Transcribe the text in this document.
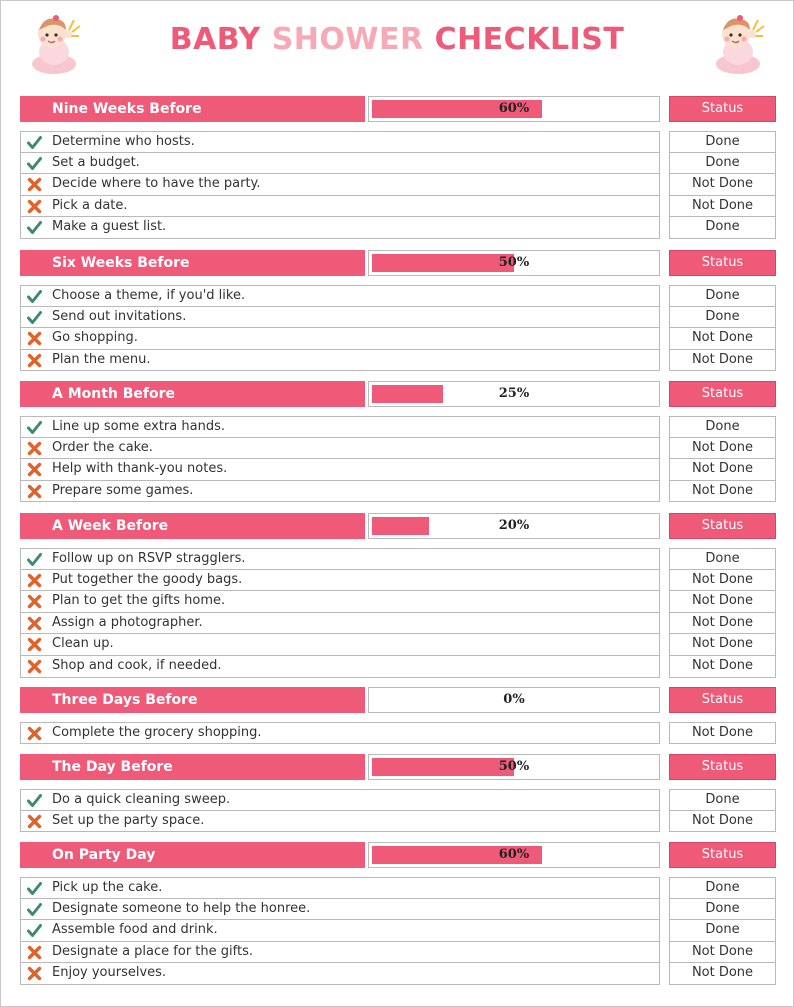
BABY SHOWER CHECKLIST
Nine Weeks Before	60%	Status
Determine who hosts.	Done
Set a budget.	Done
Decide where to have the party.	Not Done
Pick a date.	Not Done
Make a guest list.	Done
Six Weeks Before	50%	Status
Choose a theme, if you'd like.	Done
Send out invitations.	Done
Go shopping.	Not Done
Plan the menu.	Not Done
A Month Before	25%	Status
Line up some extra hands.	Done
Order the cake.	Not Done
Help with thank-you notes.	Not Done
Prepare some games.	Not Done
A Week Before	20%	Status
Follow up on RSVP stragglers.	Done
Put together the goody bags.	Not Done
Plan to get the gifts home.	Not Done
Assign a photographer.	Not Done
Clean up.	Not Done
Shop and cook, if needed.	Not Done
Three Days Before	0%	Status
Complete the grocery shopping.	Not Done
The Day Before	50%	Status
Do a quick cleaning sweep.	Done
Set up the party space.	Not Done
On Party Day	60%	Status
Pick up the cake.	Done
Designate someone to help the honree.	Done
Assemble food and drink.	Done
Designate a place for the gifts.	Not Done
Enjoy yourselves.	Not Done
